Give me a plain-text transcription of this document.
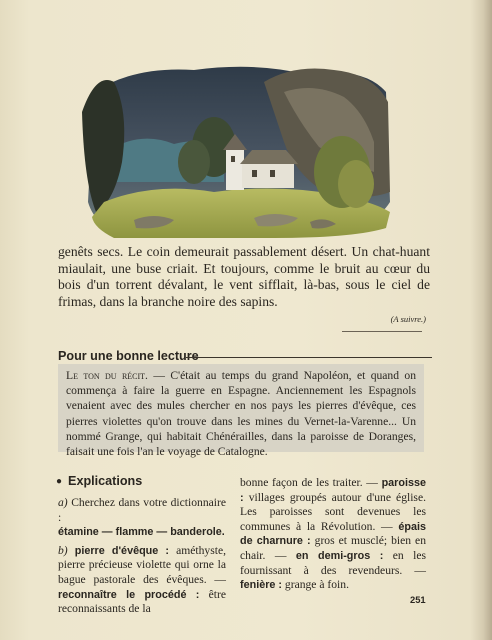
genêts secs. Le coin demeurait passablement désert. Un chat-huant miaulait, une buse criait. Et toujours, comme le bruit au cœur du bois d'un torrent dévalant, le vent sifflait, là-bas, sous le ciel de frimas, dans la branche noire des sapins.

(A suivre.)

Pour une bonne lecture

Le ton du récit. — C'était au temps du grand Napoléon, et quand on commença à faire la guerre en Espagne. Anciennement les Espagnols venaient avec des mules chercher en nos pays les pierres d'évêque, ces pierres violettes qu'on trouve dans les mines du Vernet-la-Varenne... Un nommé Grange, qui habitait Chénérailles, dans la paroisse de Doranges, faisait une fois l'an le voyage de Catalogne.

● Explications

a) Cherchez dans votre dictionnaire :

étamine — flamme — banderole.

b) pierre d'évêque : améthyste, pierre précieuse violette qui orne la bague pastorale des évêques. — reconnaître le procédé : être reconnaissants de la

bonne façon de les traiter. — paroisse : villages groupés autour d'une église. Les paroisses sont devenues les communes à la Révolution. — épais de charnure : gros et musclé; bien en chair. — en demi-gros : en les fournissant à des revendeurs. — fenière : grange à foin.

251
